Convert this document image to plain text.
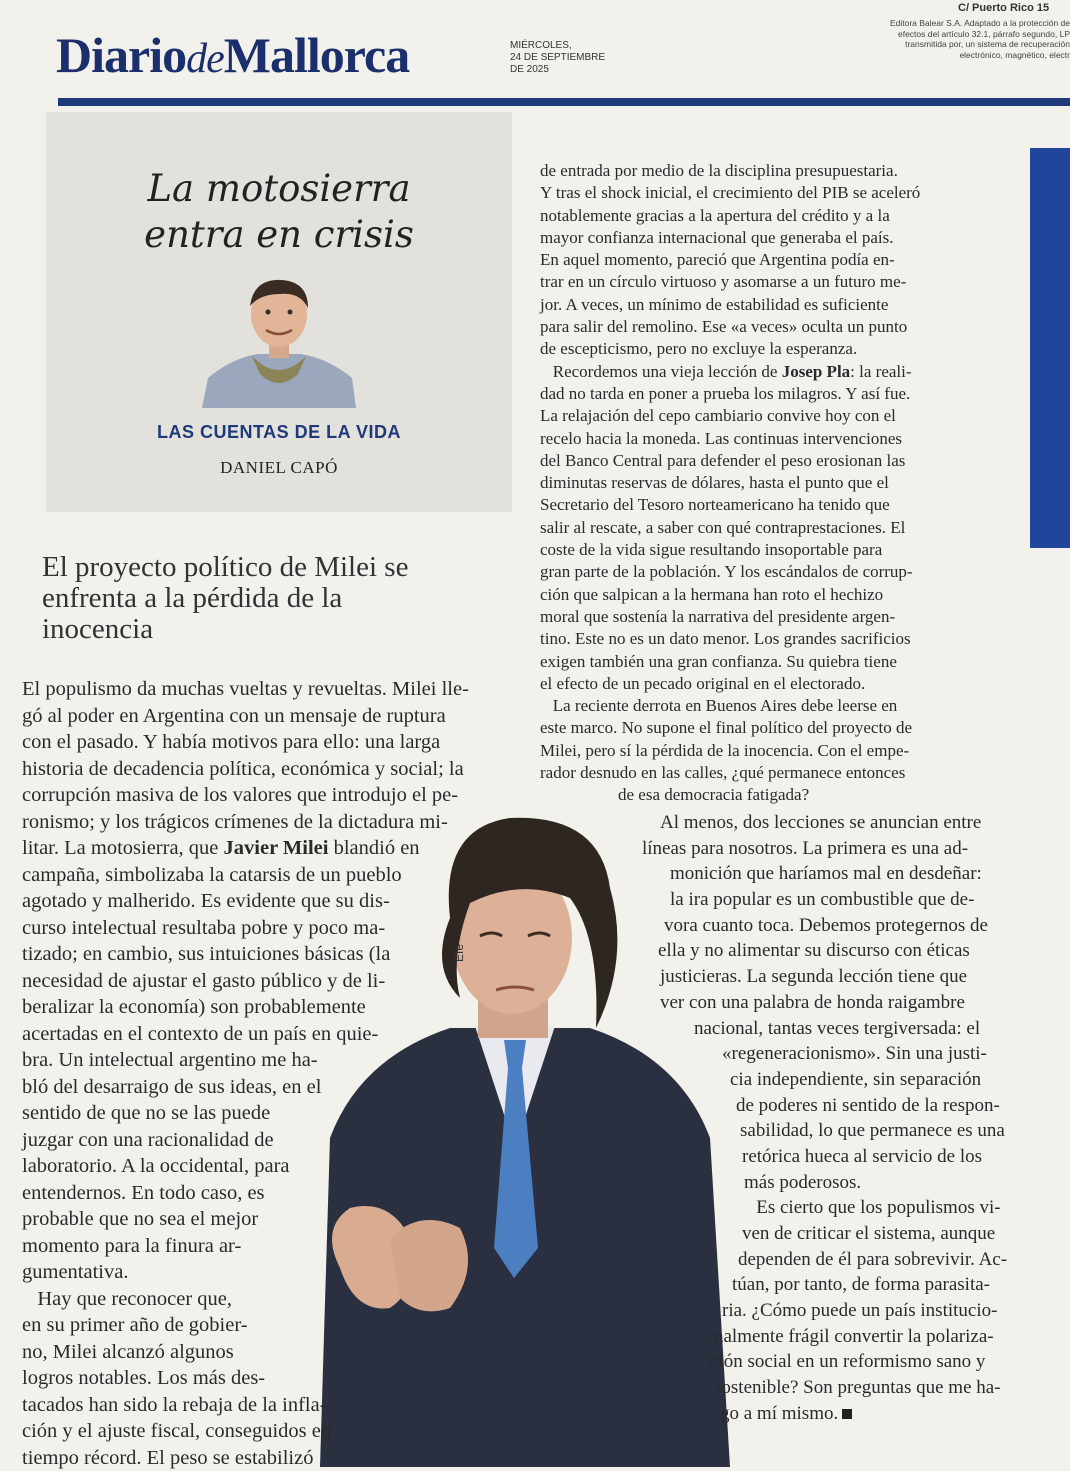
DiariodeMallorca	MIÉRCOLES,
24 DE SEPTIEMBRE
DE 2025
C/ Puerto Rico 15
Editora Balear S.A. Adaptado a la protección de
efectos del artículo 32.1, párrafo segundo, LP
transmitida por, un sistema de recuperación
electrónico, magnético, electr
La motosierra
entra en crisis
LAS CUENTAS DE LA VIDA
DANIEL CAPÓ
El proyecto político de Milei se
enfrenta a la pérdida de la
inocencia
Efe
El populismo da muchas vueltas y revueltas. Milei lle-
gó al poder en Argentina con un mensaje de ruptura
con el pasado. Y había motivos para ello: una larga
historia de decadencia política, económica y social; la
corrupción masiva de los valores que introdujo el pe-
ronismo; y los trágicos crímenes de la dictadura mi-
litar. La motosierra, que Javier Milei blandió en
campaña, simbolizaba la catarsis de un pueblo
agotado y malherido. Es evidente que su dis-
curso intelectual resultaba pobre y poco ma-
tizado; en cambio, sus intuiciones básicas (la
necesidad de ajustar el gasto público y de li-
beralizar la economía) son probablemente
acertadas en el contexto de un país en quie-
bra. Un intelectual argentino me ha-
bló del desarraigo de sus ideas, en el
sentido de que no se las puede
juzgar con una racionalidad de
laboratorio. A la occidental, para
entendernos. En todo caso, es
probable que no sea el mejor
momento para la finura ar-
gumentativa.
Hay que reconocer que,
en su primer año de gobier-
no, Milei alcanzó algunos
logros notables. Los más des-
tacados han sido la rebaja de la infla-
ción y el ajuste fiscal, conseguidos en
tiempo récord. El peso se estabilizó
de entrada por medio de la disciplina presupuestaria.
Y tras el shock inicial, el crecimiento del PIB se aceleró
notablemente gracias a la apertura del crédito y a la
mayor confianza internacional que generaba el país.
En aquel momento, pareció que Argentina podía en-
trar en un círculo virtuoso y asomarse a un futuro me-
jor. A veces, un mínimo de estabilidad es suficiente
para salir del remolino. Ese «a veces» oculta un punto
de escepticismo, pero no excluye la esperanza.
Recordemos una vieja lección de Josep Pla: la reali-
dad no tarda en poner a prueba los milagros. Y así fue.
La relajación del cepo cambiario convive hoy con el
recelo hacia la moneda. Las continuas intervenciones
del Banco Central para defender el peso erosionan las
diminutas reservas de dólares, hasta el punto que el
Secretario del Tesoro norteamericano ha tenido que
salir al rescate, a saber con qué contraprestaciones. El
coste de la vida sigue resultando insoportable para
gran parte de la población. Y los escándalos de corrup-
ción que salpican a la hermana han roto el hechizo
moral que sostenía la narrativa del presidente argen-
tino. Este no es un dato menor. Los grandes sacrificios
exigen también una gran confianza. Su quiebra tiene
el efecto de un pecado original en el electorado.
La reciente derrota en Buenos Aires debe leerse en
este marco. No supone el final político del proyecto de
Milei, pero sí la pérdida de la inocencia. Con el empe-
rador desnudo en las calles, ¿qué permanece entonces
de esa democracia fatigada?
Al menos, dos lecciones se anuncian entre
líneas para nosotros. La primera es una ad-
monición que haríamos mal en desdeñar:
la ira popular es un combustible que de-
vora cuanto toca. Debemos protegernos de
ella y no alimentar su discurso con éticas
justicieras. La segunda lección tiene que
ver con una palabra de honda raigambre
nacional, tantas veces tergiversada: el
«regeneracionismo». Sin una justi-
cia independiente, sin separación
de poderes ni sentido de la respon-
sabilidad, lo que permanece es una
retórica hueca al servicio de los
más poderosos.
Es cierto que los populismos vi-
ven de criticar el sistema, aunque
dependen de él para sobrevivir. Ac-
túan, por tanto, de forma parasita-
ria. ¿Cómo puede un país institucio-
nalmente frágil convertir la polariza-
ción social en un reformismo sano y
sostenible? Son preguntas que me ha-
go a mí mismo.
